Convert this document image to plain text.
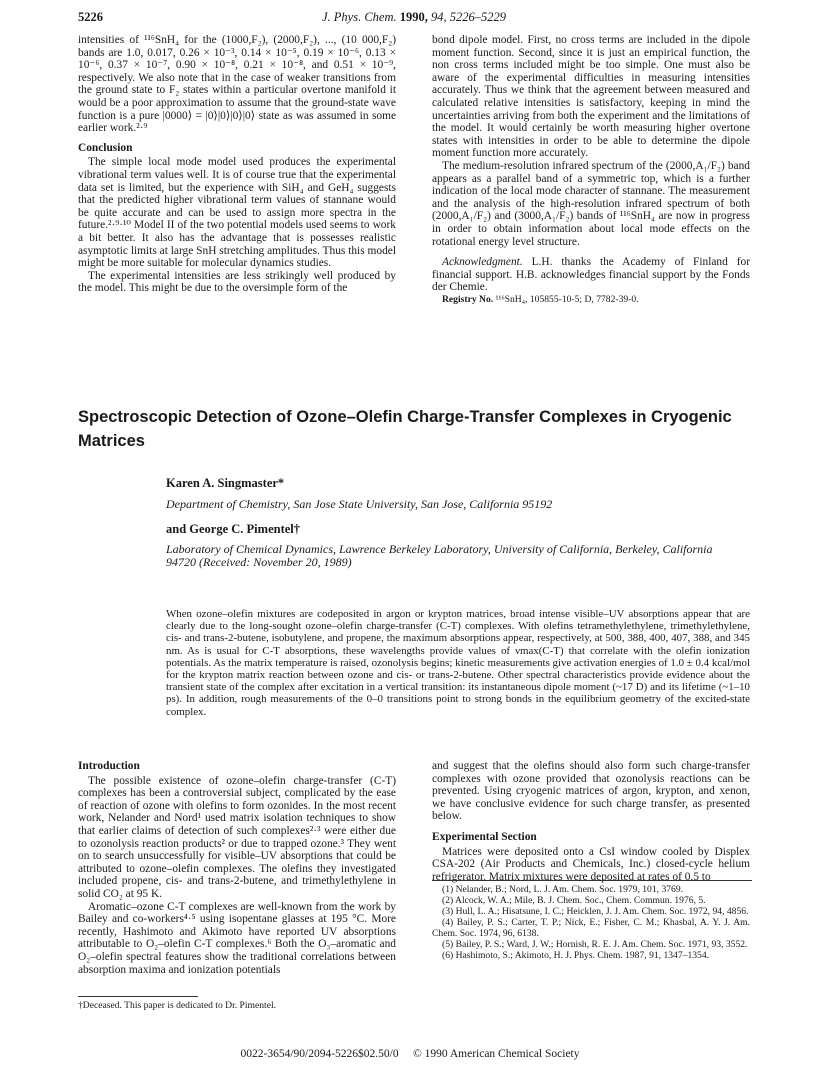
5226	J. Phys. Chem. 1990, 94, 5226–5229

intensities of ¹¹⁶SnH₄ for the (1000,F₂), (2000,F₂), ..., (10 000,F₂) bands are 1.0, 0.017, 0.26 × 10⁻³, 0.14 × 10⁻⁵, 0.19 × 10⁻⁶, 0.13 × 10⁻⁶, 0.37 × 10⁻⁷, 0.90 × 10⁻⁸, 0.21 × 10⁻⁸, and 0.51 × 10⁻⁹, respectively. We also note that in the case of weaker transitions from the ground state to F₂ states within a particular overtone manifold it would be a poor approximation to assume that the ground-state wave function is a pure |0000⟩ = |0⟩|0⟩|0⟩|0⟩ state as was assumed in some earlier work.²·⁹

Conclusion

The simple local mode model used produces the experimental vibrational term values well. It is of course true that the experimental data set is limited, but the experience with SiH₄ and GeH₄ suggests that the predicted higher vibrational term values of stannane would be quite accurate and can be used to assign more spectra in the future.²·⁹·¹⁰ Model II of the two potential models used seems to work a bit better. It also has the advantage that is possesses realistic asymptotic limits at large SnH stretching amplitudes. Thus this model might be more suitable for molecular dynamics studies.

The experimental intensities are less strikingly well produced by the model. This might be due to the oversimple form of the

bond dipole model. First, no cross terms are included in the dipole moment function. Second, since it is just an empirical function, the non cross terms included might be too simple. One must also be aware of the experimental difficulties in measuring intensities accurately. Thus we think that the agreement between measured and calculated relative intensities is satisfactory, keeping in mind the uncertainties arriving from both the experiment and the limitations of the model. It would certainly be worth measuring higher overtone states with intensities in order to be able to determine the dipole moment function more accurately.

The medium-resolution infrared spectrum of the (2000,A₁/F₂) band appears as a parallel band of a symmetric top, which is a further indication of the local mode character of stannane. The measurement and the analysis of the high-resolution infrared spectrum of both (2000,A₁/F₂) and (3000,A₁/F₂) bands of ¹¹⁶SnH₄ are now in progress in order to obtain information about local mode effects on the rotational energy level structure.

Acknowledgment. L.H. thanks the Academy of Finland for financial support. H.B. acknowledges financial support by the Fonds der Chemie.

Registry No. ¹¹⁶SnH₄, 105855-10-5; D, 7782-39-0.

Spectroscopic Detection of Ozone–Olefin Charge-Transfer Complexes in Cryogenic Matrices
Karen A. Singmaster*
Department of Chemistry, San Jose State University, San Jose, California 95192
and George C. Pimentel†
Laboratory of Chemical Dynamics, Lawrence Berkeley Laboratory, University of California, Berkeley, California 94720 (Received: November 20, 1989)
When ozone–olefin mixtures are codeposited in argon or krypton matrices, broad intense visible–UV absorptions appear that are clearly due to the long-sought ozone–olefin charge-transfer (C-T) complexes. With olefins tetramethylethylene, trimethylethylene, cis- and trans-2-butene, isobutylene, and propene, the maximum absorptions appear, respectively, at 500, 388, 400, 407, 388, and 345 nm. As is usual for C-T absorptions, these wavelengths provide values of νmax(C-T) that correlate with the olefin ionization potentials. As the matrix temperature is raised, ozonolysis begins; kinetic measurements give activation energies of 1.0 ± 0.4 kcal/mol for the krypton matrix reaction between ozone and cis- or trans-2-butene. Other spectral characteristics provide evidence about the transient state of the complex after excitation in a vertical transition: its instantaneous dipole moment (~17 D) and its lifetime (~1–10 ps). In addition, rough measurements of the 0–0 transitions point to strong bonds in the equilibrium geometry of the excited-state complex.
Introduction

The possible existence of ozone–olefin charge-transfer (C-T) complexes has been a controversial subject, complicated by the ease of reaction of ozone with olefins to form ozonides. In the most recent work, Nelander and Nord¹ used matrix isolation techniques to show that earlier claims of detection of such complexes²·³ were either due to ozonolysis reaction products² or due to trapped ozone.³ They went on to search unsuccessfully for visible–UV absorptions that could be attributed to ozone–olefin complexes. The olefins they investigated included propene, cis- and trans-2-butene, and trimethylethylene in solid CO₂ at 95 K.

Aromatic–ozone C-T complexes are well-known from the work by Bailey and co-workers⁴·⁵ using isopentane glasses at 195 °C. More recently, Hashimoto and Akimoto have reported UV absorptions attributable to O₂–olefin C-T complexes.⁶ Both the O₃–aromatic and O₂–olefin spectral features show the traditional correlations between absorption maxima and ionization potentials

†Deceased. This paper is dedicated to Dr. Pimentel.

and suggest that the olefins should also form such charge-transfer complexes with ozone provided that ozonolysis reactions can be prevented. Using cryogenic matrices of argon, krypton, and xenon, we have conclusive evidence for such charge transfer, as presented below.

Experimental Section

Matrices were deposited onto a CsI window cooled by Displex CSA-202 (Air Products and Chemicals, Inc.) closed-cycle helium refrigerator. Matrix mixtures were deposited at rates of 0.5 to

(1) Nelander, B.; Nord, L. J. Am. Chem. Soc. 1979, 101, 3769.
(2) Alcock, W. A.; Mile, B. J. Chem. Soc., Chem. Commun. 1976, 5.
(3) Hull, L. A.; Hisatsune, I. C.; Heicklen, J. J. Am. Chem. Soc. 1972, 94, 4856.
(4) Bailey, P. S.; Carter, T. P.; Nick, E.; Fisher, C. M.; Khasbal, A. Y. J. Am. Chem. Soc. 1974, 96, 6138.
(5) Bailey, P. S.; Ward, J. W.; Hornish, R. E. J. Am. Chem. Soc. 1971, 93, 3552.
(6) Hashimoto, S.; Akimoto, H. J. Phys. Chem. 1987, 91, 1347–1354.
0022-3654/90/2094-5226$02.50/0 © 1990 American Chemical Society
